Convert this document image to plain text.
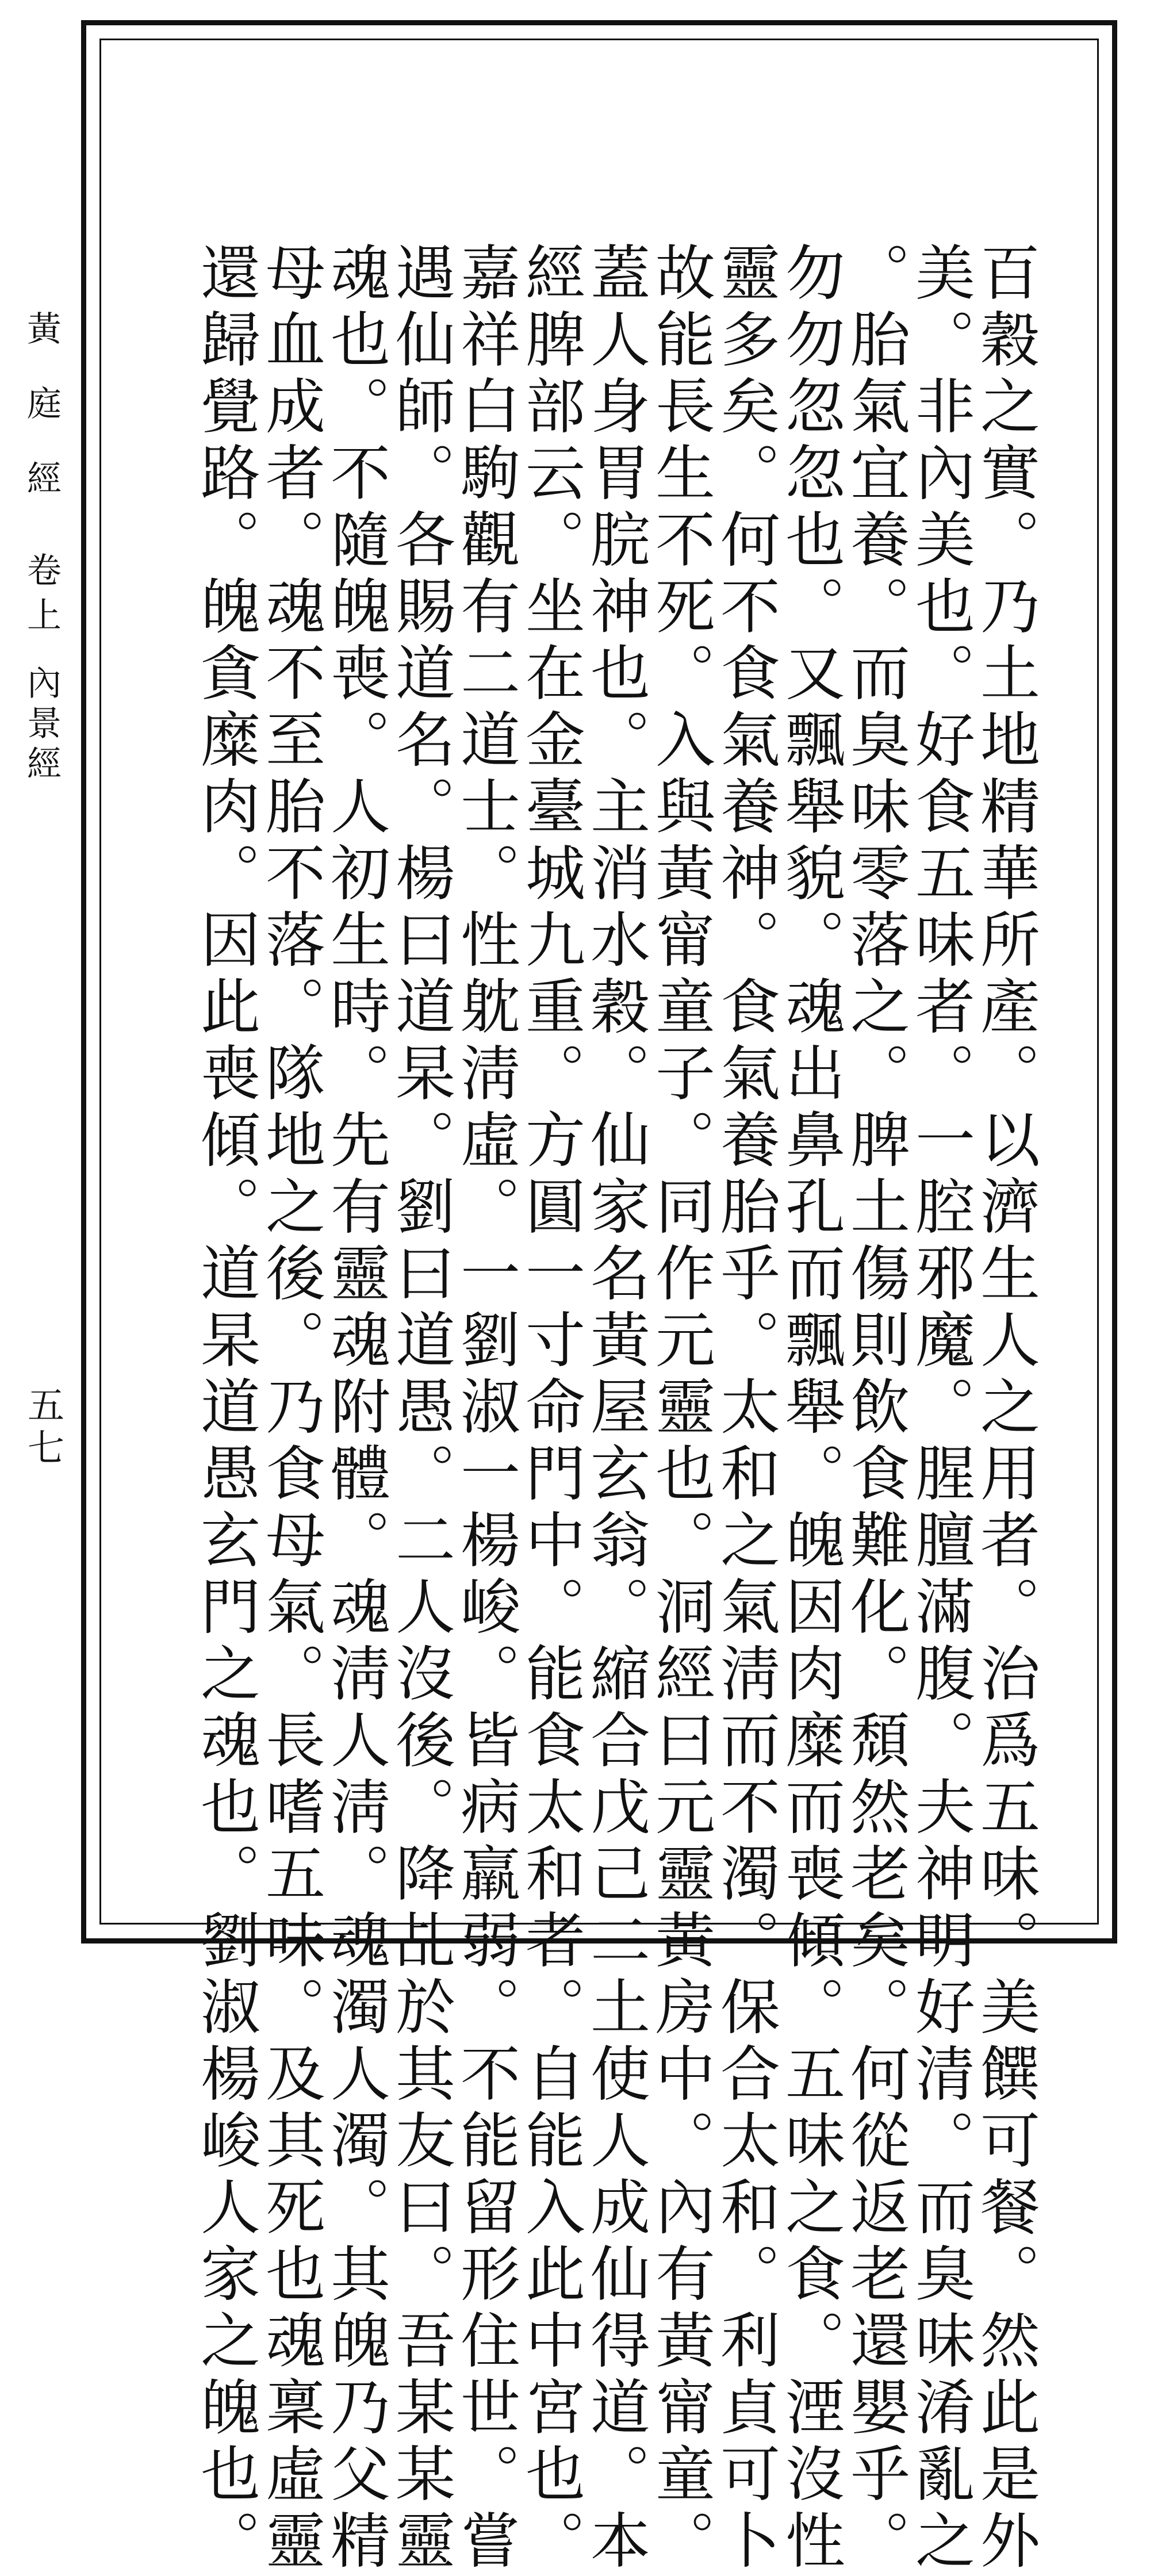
黃庭經卷上內景經
五七	百穀之實。乃土地精華所產。以濟生人之用者。治爲五味。美饌可餐。然此是外
美。非內美也。好食五味者。一腔邪魔。腥膻滿腹。夫神明好清。而臭味淆亂之
。胎氣宜養。而臭味零落之。脾土傷則飲食難化。頹然老矣。何從返老還嬰乎。
勿勿忽忽也。又飄舉貌。魂出鼻孔而飄舉。魄因肉糜而喪傾。五味之食。湮沒性
靈多矣。何不食氣養神。食氣養胎乎。太和之氣淸而不濁。保合太和。利貞可卜
故能長生不死。入與黃甯童子。同作元靈也。洞經曰元靈黃房中。內有黃甯童。
蓋人身胃脘神也。主消水穀。仙家名黃屋玄翁。縮合戊己二土使人成仙得道。本
經脾部云。坐在金臺城九重。方圓一寸命門中。能食太和者。自能入此中宮也。
嘉祥白駒觀有二道士。性躭淸虛。一劉淑一楊峻。皆病羸弱。不能留形住世。嘗
遇仙師。各賜道名。楊曰道杲。劉曰道愚。二人沒後。降乩於其友曰。吾某某靈
魂也。不隨魄喪。人初生時。先有靈魂附體。魂淸人淸。魂濁人濁。其魄乃父精
母血成者。魂不至胎不落。隊地之後。乃食母氣。長嗜五味。及其死也魂稟虛靈
還歸覺路。魄貪糜肉。因此喪傾。道杲道愚玄門之魂也。劉淑楊峻人家之魄也。
